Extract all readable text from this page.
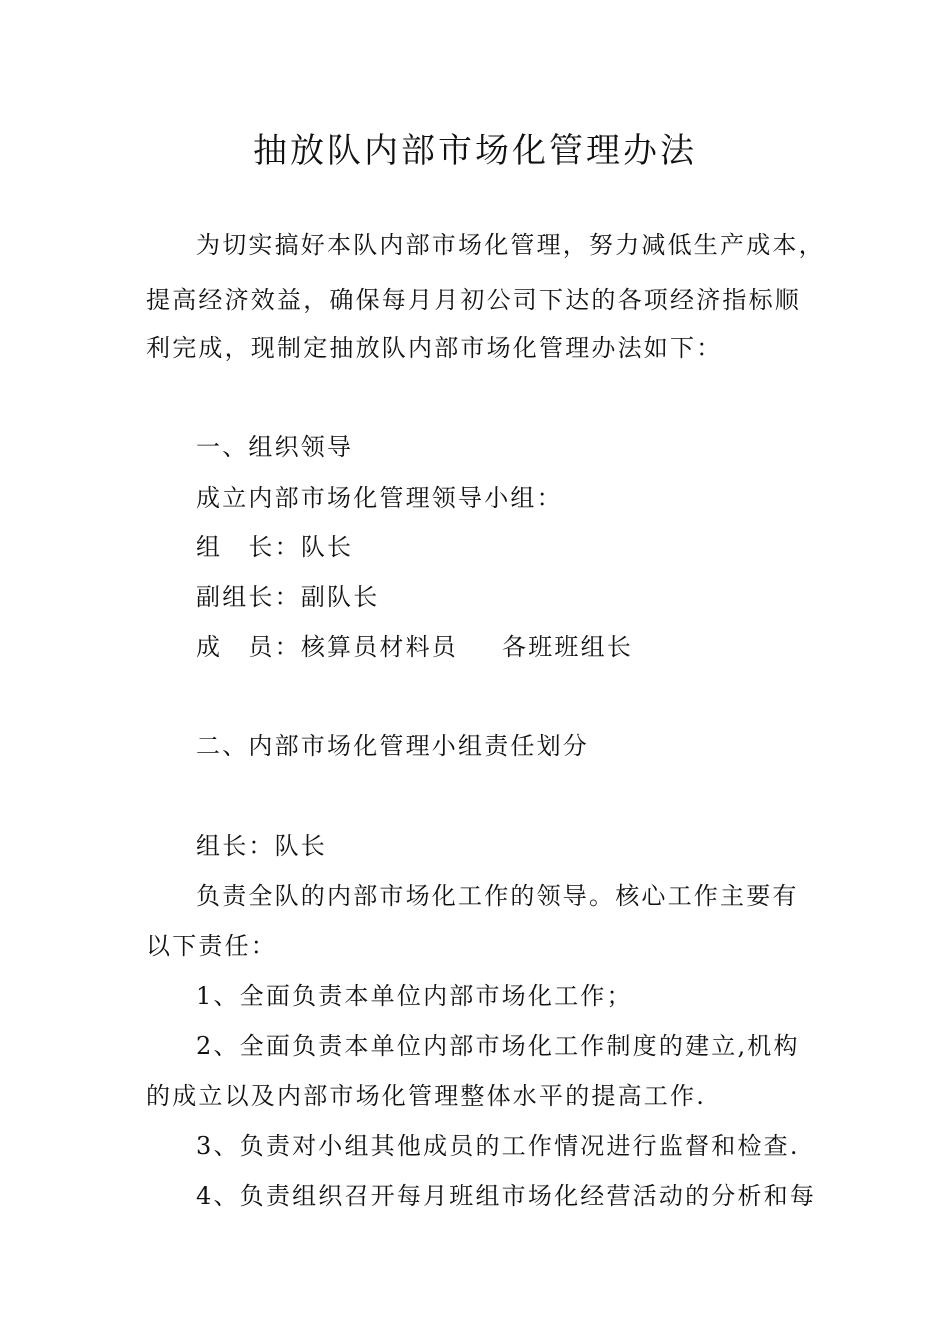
抽放队内部市场化管理办法
为切实搞好本队内部市场化管理，努力减低生产成本，
提高经济效益，确保每月月初公司下达的各项经济指标顺
利完成，现制定抽放队内部市场化管理办法如下：
一、组织领导
成立内部市场化管理领导小组：
组　长：队长
副组长：副队长
成　员：核算员材料员 各班班组长
二、内部市场化管理小组责任划分
组长：队长
负责全队的内部市场化工作的领导。核心工作主要有
以下责任：
1、全面负责本单位内部市场化工作；
2、全面负责本单位内部市场化工作制度的建立,机构
的成立以及内部市场化管理整体水平的提高工作.
3、负责对小组其他成员的工作情况进行监督和检查.
4、负责组织召开每月班组市场化经营活动的分析和每
